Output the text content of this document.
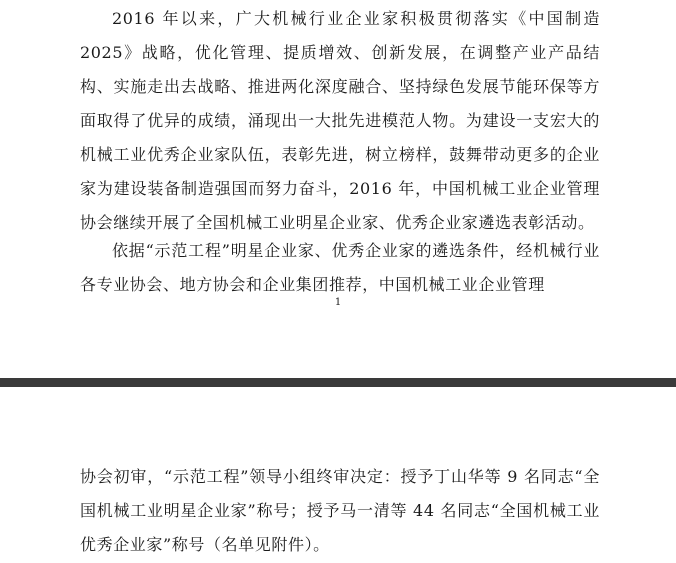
2016 年以来，广大机械行业企业家积极贯彻落实《中国制造 2025》战略，优化管理、提质增效、创新发展，在调整产业产品结构、实施走出去战略、推进两化深度融合、坚持绿色发展节能环保等方面取得了优异的成绩，涌现出一大批先进模范人物。为建设一支宏大的机械工业优秀企业家队伍，表彰先进，树立榜样，鼓舞带动更多的企业家为建设装备制造强国而努力奋斗，2016 年，中国机械工业企业管理协会继续开展了全国机械工业明星企业家、优秀企业家遴选表彰活动。

依据“示范工程”明星企业家、优秀企业家的遴选条件，经机械行业各专业协会、地方协会和企业集团推荐，中国机械工业企业管理

1

协会初审，“示范工程”领导小组终审决定：授予丁山华等 9 名同志“全国机械工业明星企业家”称号；授予马一清等 44 名同志“全国机械工业优秀企业家”称号（名单见附件）。
